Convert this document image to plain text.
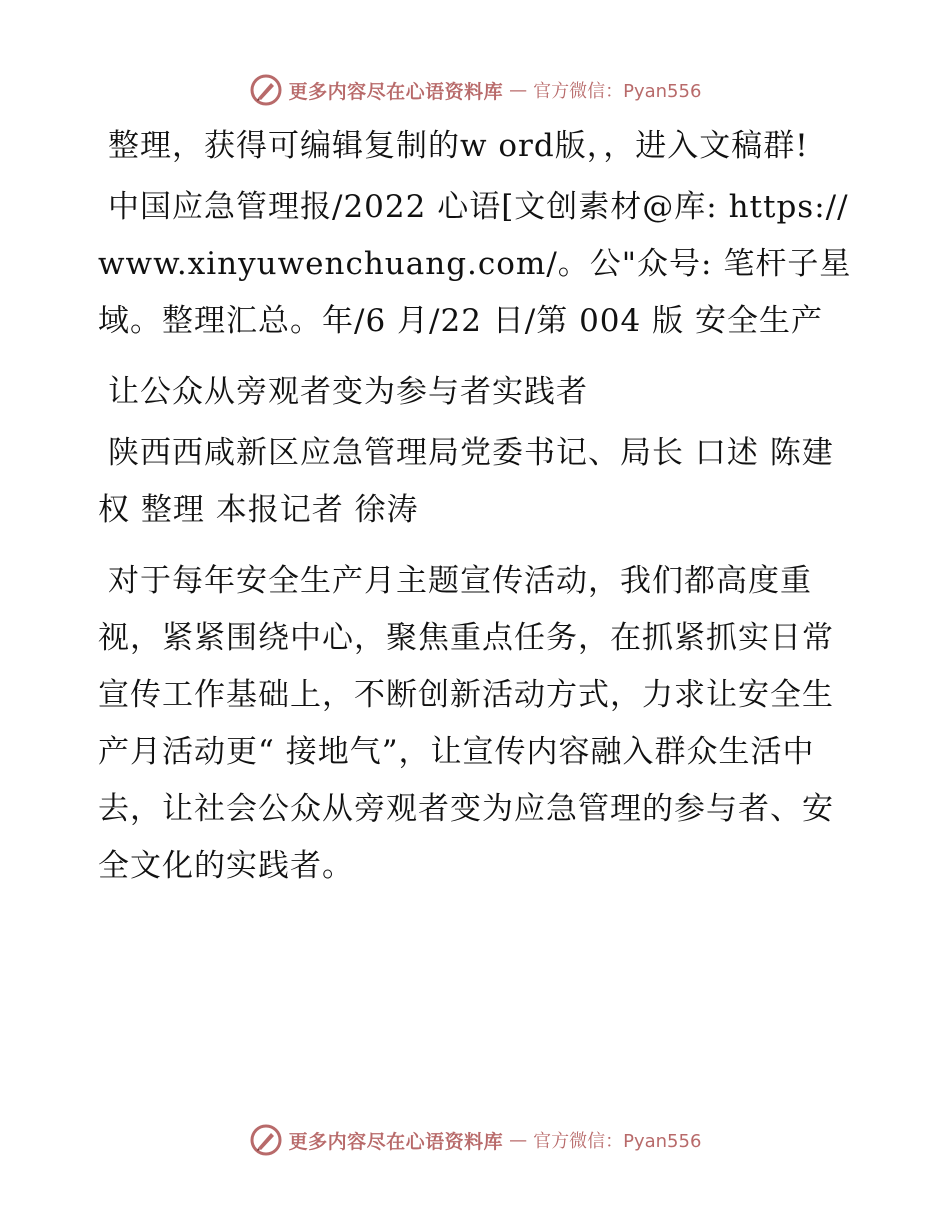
更多内容尽在心语资料库 — 官方微信：Pyan556

整理，获得可编辑复制的w ord版，，进入文稿群!

中国应急管理报/2022 心语[文创素材@库: https://www.xinyuwenchuang.com/。公"众号: 笔杆子星域。整理汇总。年/6 月/22 日/第 004 版 安全生产

让公众从旁观者变为参与者实践者

陕西西咸新区应急管理局党委书记、局长 口述 陈建权 整理 本报记者 徐涛

对于每年安全生产月主题宣传活动，我们都高度重视，紧紧围绕中心，聚焦重点任务，在抓紧抓实日常宣传工作基础上，不断创新活动方式，力求让安全生产月活动更“ 接地气”，让宣传内容融入群众生活中去，让社会公众从旁观者变为应急管理的参与者、安全文化的实践者。

更多内容尽在心语资料库 — 官方微信：Pyan556
